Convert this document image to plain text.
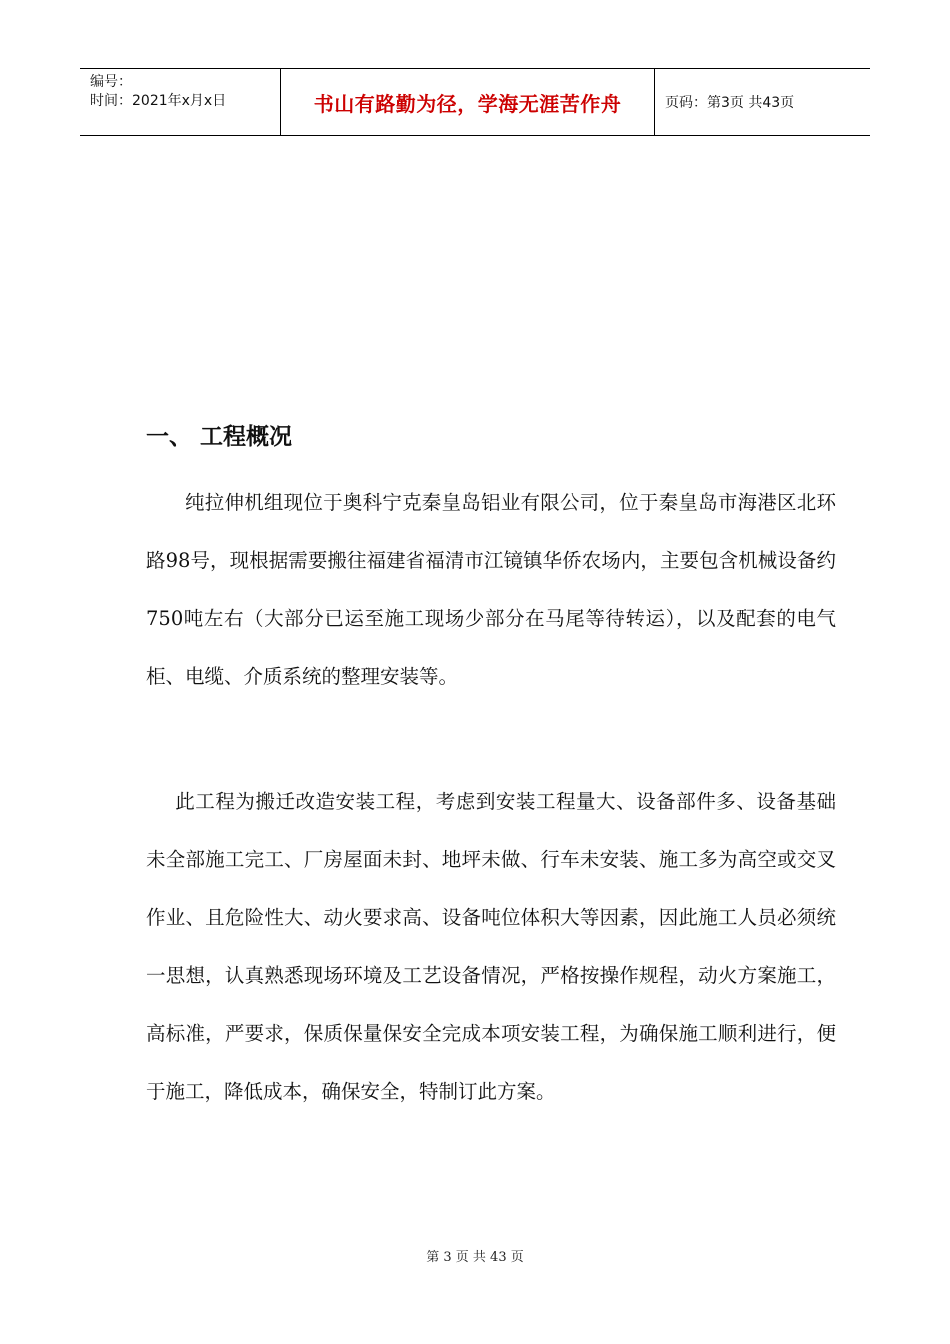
编号：
时间：2021年x月x日	书山有路勤为径，学海无涯苦作舟	页码：第3页 共43页
一、 工程概况

纯拉伸机组现位于奥科宁克秦皇岛铝业有限公司，位于秦皇岛市海港区北环路98号，现根据需要搬往福建省福清市江镜镇华侨农场内，主要包含机械设备约750吨左右（大部分已运至施工现场少部分在马尾等待转运），以及配套的电气柜、电缆、介质系统的整理安装等。

此工程为搬迁改造安装工程，考虑到安装工程量大、设备部件多、设备基础未全部施工完工、厂房屋面未封、地坪未做、行车未安装、施工多为高空或交叉作业、且危险性大、动火要求高、设备吨位体积大等因素，因此施工人员必须统一思想，认真熟悉现场环境及工艺设备情况，严格按操作规程，动火方案施工，高标准，严要求，保质保量保安全完成本项安装工程，为确保施工顺利进行，便于施工，降低成本，确保安全，特制订此方案。

第 3 页 共 43 页
